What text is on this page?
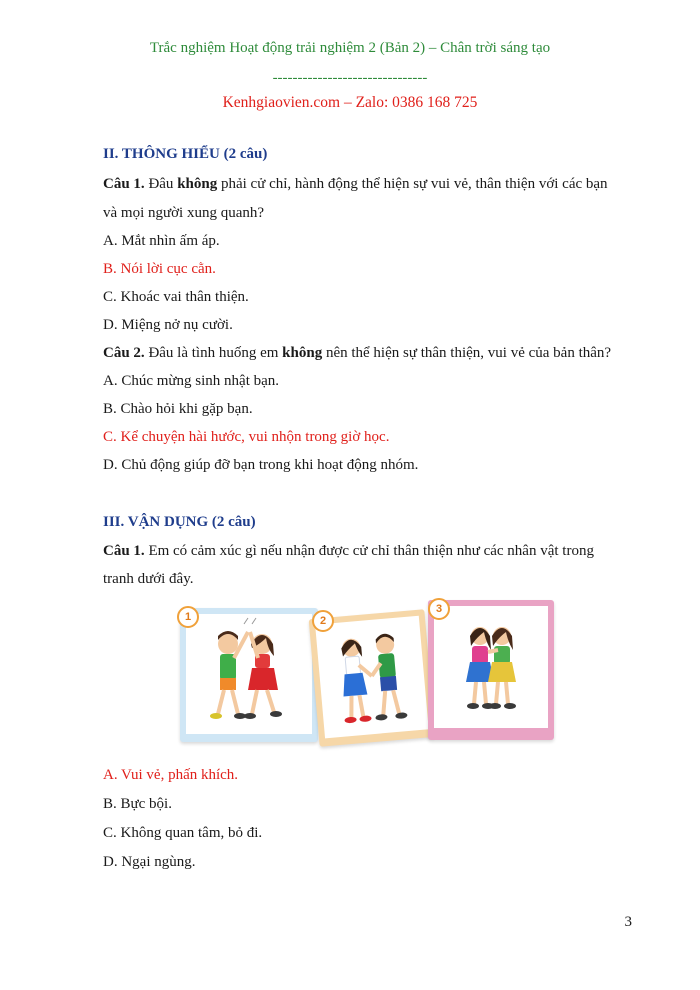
Trắc nghiệm Hoạt động trải nghiệm 2 (Bản 2) – Chân trời sáng tạo
-------------------------------
Kenhgiaovien.com – Zalo: 0386 168 725
II. THÔNG HIỂU (2 câu)
Câu 1. Đâu không phải cử chỉ, hành động thể hiện sự vui vẻ, thân thiện với các bạn
và mọi người xung quanh?
A. Mắt nhìn ấm áp.
B. Nói lời cục cằn.
C. Khoác vai thân thiện.
D. Miệng nở nụ cười.
Câu 2. Đâu là tình huống em không nên thể hiện sự thân thiện, vui vẻ của bản thân?
A. Chúc mừng sinh nhật bạn.
B. Chào hỏi khi gặp bạn.
C. Kể chuyện hài hước, vui nhộn trong giờ học.
D. Chủ động giúp đỡ bạn trong khi hoạt động nhóm.
III. VẬN DỤNG (2 câu)
Câu 1. Em có cảm xúc gì nếu nhận được cử chỉ thân thiện như các nhân vật trong
tranh dưới đây.
1	2
3
A. Vui vẻ, phấn khích.
B. Bực bội.
C. Không quan tâm, bỏ đi.
D. Ngại ngùng.
3
